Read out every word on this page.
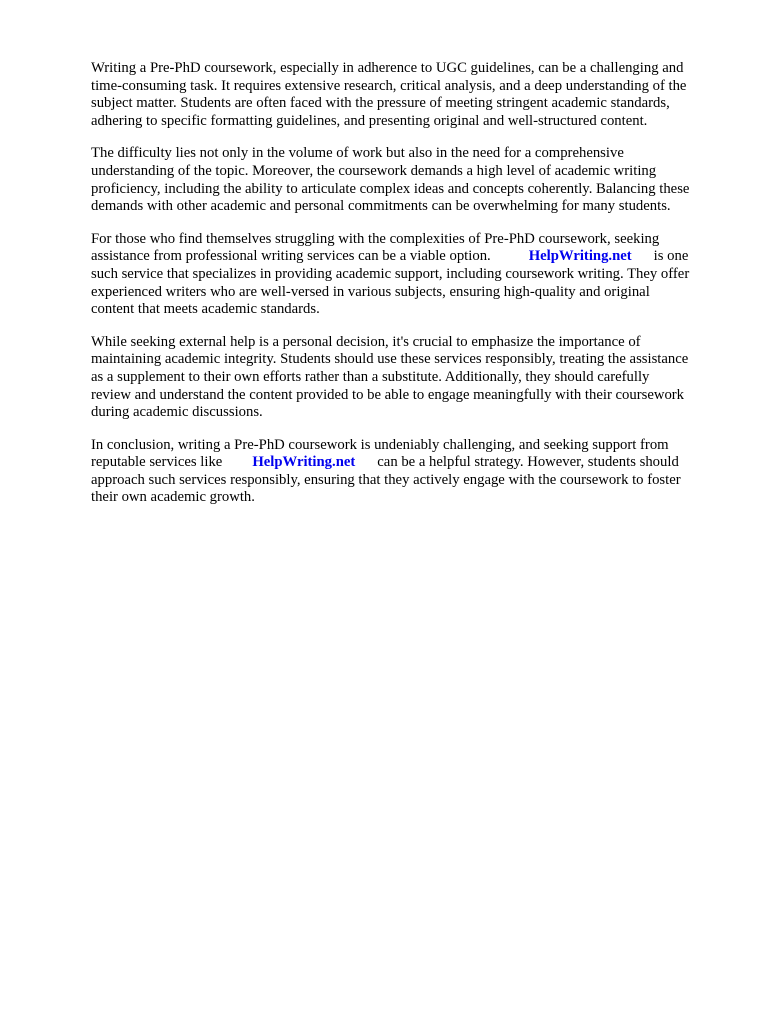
Writing a Pre-PhD coursework, especially in adherence to UGC guidelines, can be a challenging and
time-consuming task. It requires extensive research, critical analysis, and a deep understanding of the
subject matter. Students are often faced with the pressure of meeting stringent academic standards,
adhering to specific formatting guidelines, and presenting original and well-structured content.

The difficulty lies not only in the volume of work but also in the need for a comprehensive
understanding of the topic. Moreover, the coursework demands a high level of academic writing
proficiency, including the ability to articulate complex ideas and concepts coherently. Balancing these
demands with other academic and personal commitments can be overwhelming for many students.

For those who find themselves struggling with the complexities of Pre-PhD coursework, seeking
assistance from professional writing services can be a viable option.	HelpWriting.net is one
such service that specializes in providing academic support, including coursework writing. They offer
experienced writers who are well-versed in various subjects, ensuring high-quality and original
content that meets academic standards.

While seeking external help is a personal decision, it's crucial to emphasize the importance of
maintaining academic integrity. Students should use these services responsibly, treating the assistance
as a supplement to their own efforts rather than a substitute. Additionally, they should carefully
review and understand the content provided to be able to engage meaningfully with their coursework
during academic discussions.

In conclusion, writing a Pre-PhD coursework is undeniably challenging, and seeking support from
reputable services like HelpWriting.net can be a helpful strategy. However, students should
approach such services responsibly, ensuring that they actively engage with the coursework to foster
their own academic growth.
